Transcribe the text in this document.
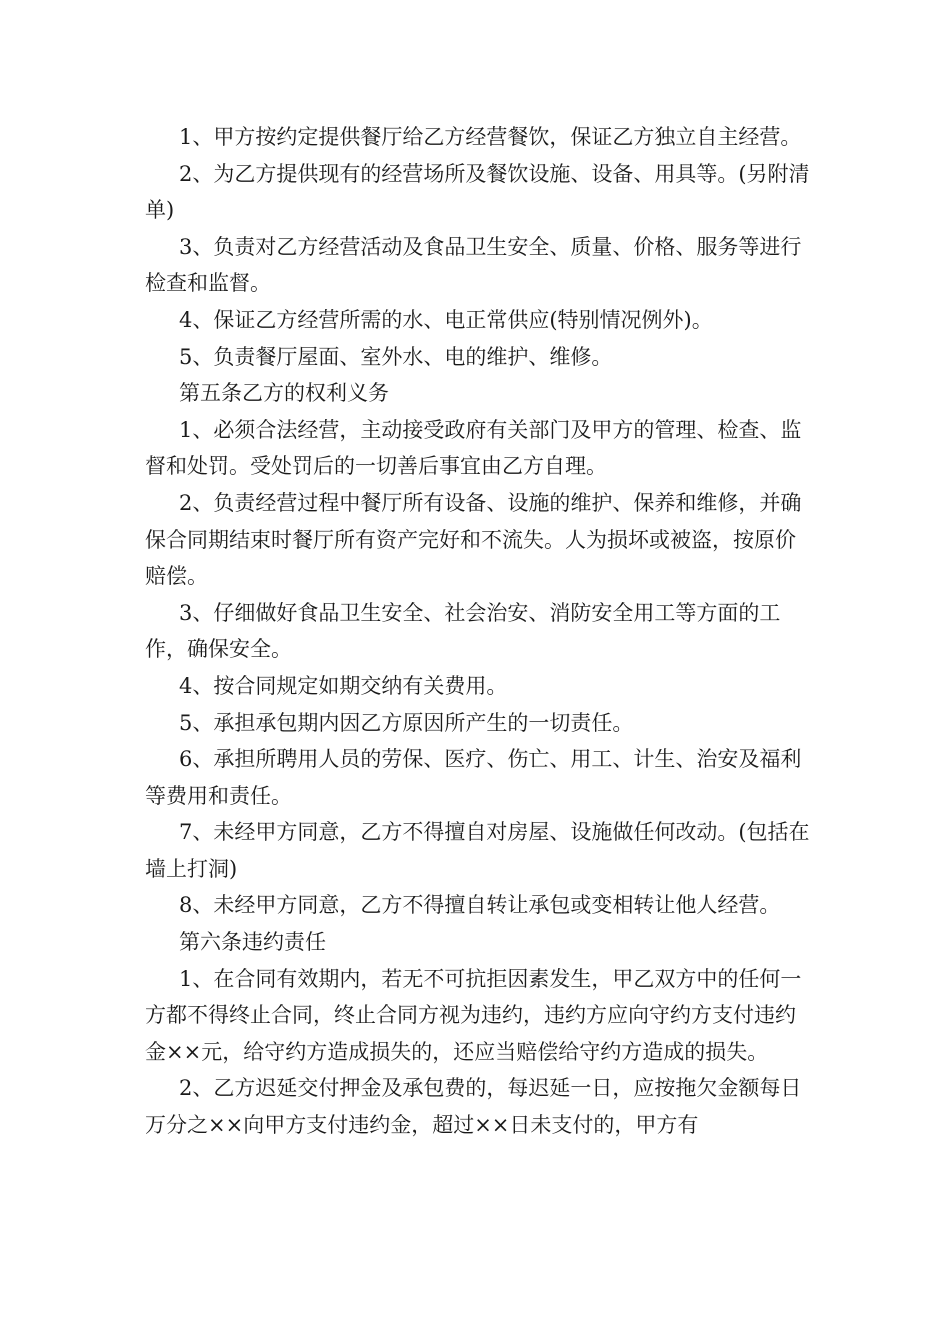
1、甲方按约定提供餐厅给乙方经营餐饮，保证乙方独立自主经营。

2、为乙方提供现有的经营场所及餐饮设施、设备、用具等。(另附清单)

3、负责对乙方经营活动及食品卫生安全、质量、价格、服务等进行检查和监督。

4、保证乙方经营所需的水、电正常供应(特别情况例外)。

5、负责餐厅屋面、室外水、电的维护、维修。

第五条乙方的权利义务

1、必须合法经营，主动接受政府有关部门及甲方的管理、检查、监督和处罚。受处罚后的一切善后事宜由乙方自理。

2、负责经营过程中餐厅所有设备、设施的维护、保养和维修，并确保合同期结束时餐厅所有资产完好和不流失。人为损坏或被盗，按原价赔偿。

3、仔细做好食品卫生安全、社会治安、消防安全用工等方面的工作，确保安全。

4、按合同规定如期交纳有关费用。

5、承担承包期内因乙方原因所产生的一切责任。

6、承担所聘用人员的劳保、医疗、伤亡、用工、计生、治安及福利等费用和责任。

7、未经甲方同意，乙方不得擅自对房屋、设施做任何改动。(包括在墙上打洞)

8、未经甲方同意，乙方不得擅自转让承包或变相转让他人经营。

第六条违约责任

1、在合同有效期内，若无不可抗拒因素发生，甲乙双方中的任何一方都不得终止合同，终止合同方视为违约，违约方应向守约方支付违约金××元，给守约方造成损失的，还应当赔偿给守约方造成的损失。

2、乙方迟延交付押金及承包费的，每迟延一日，应按拖欠金额每日万分之××向甲方支付违约金，超过××日未支付的，甲方有
